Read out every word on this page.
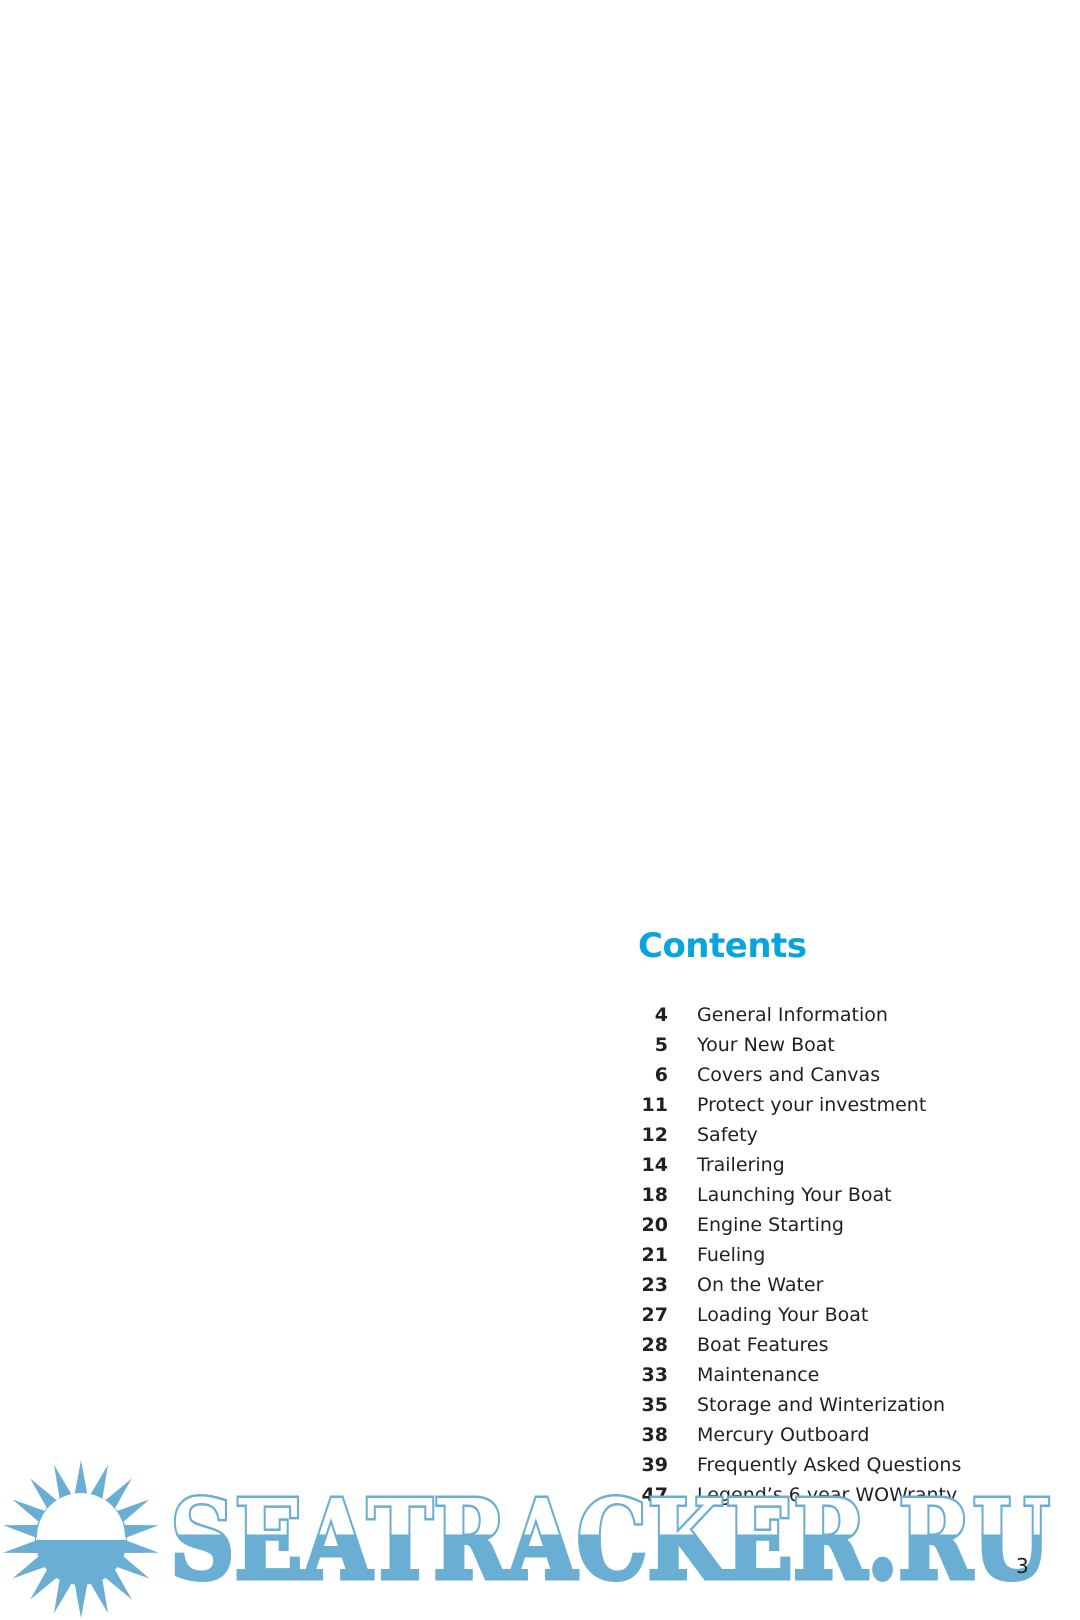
Contents
4 General Information
5 Your New Boat
6 Covers and Canvas
11 Protect your investment
12 Safety
14 Trailering
18 Launching Your Boat
20 Engine Starting
21 Fueling
23 On the Water
27 Loading Your Boat
28 Boat Features
33 Maintenance
35 Storage and Winterization
38 Mercury Outboard
39 Frequently Asked Questions
47 Legend’s 6 year WOWranty
SEATRACKER.RU
3
